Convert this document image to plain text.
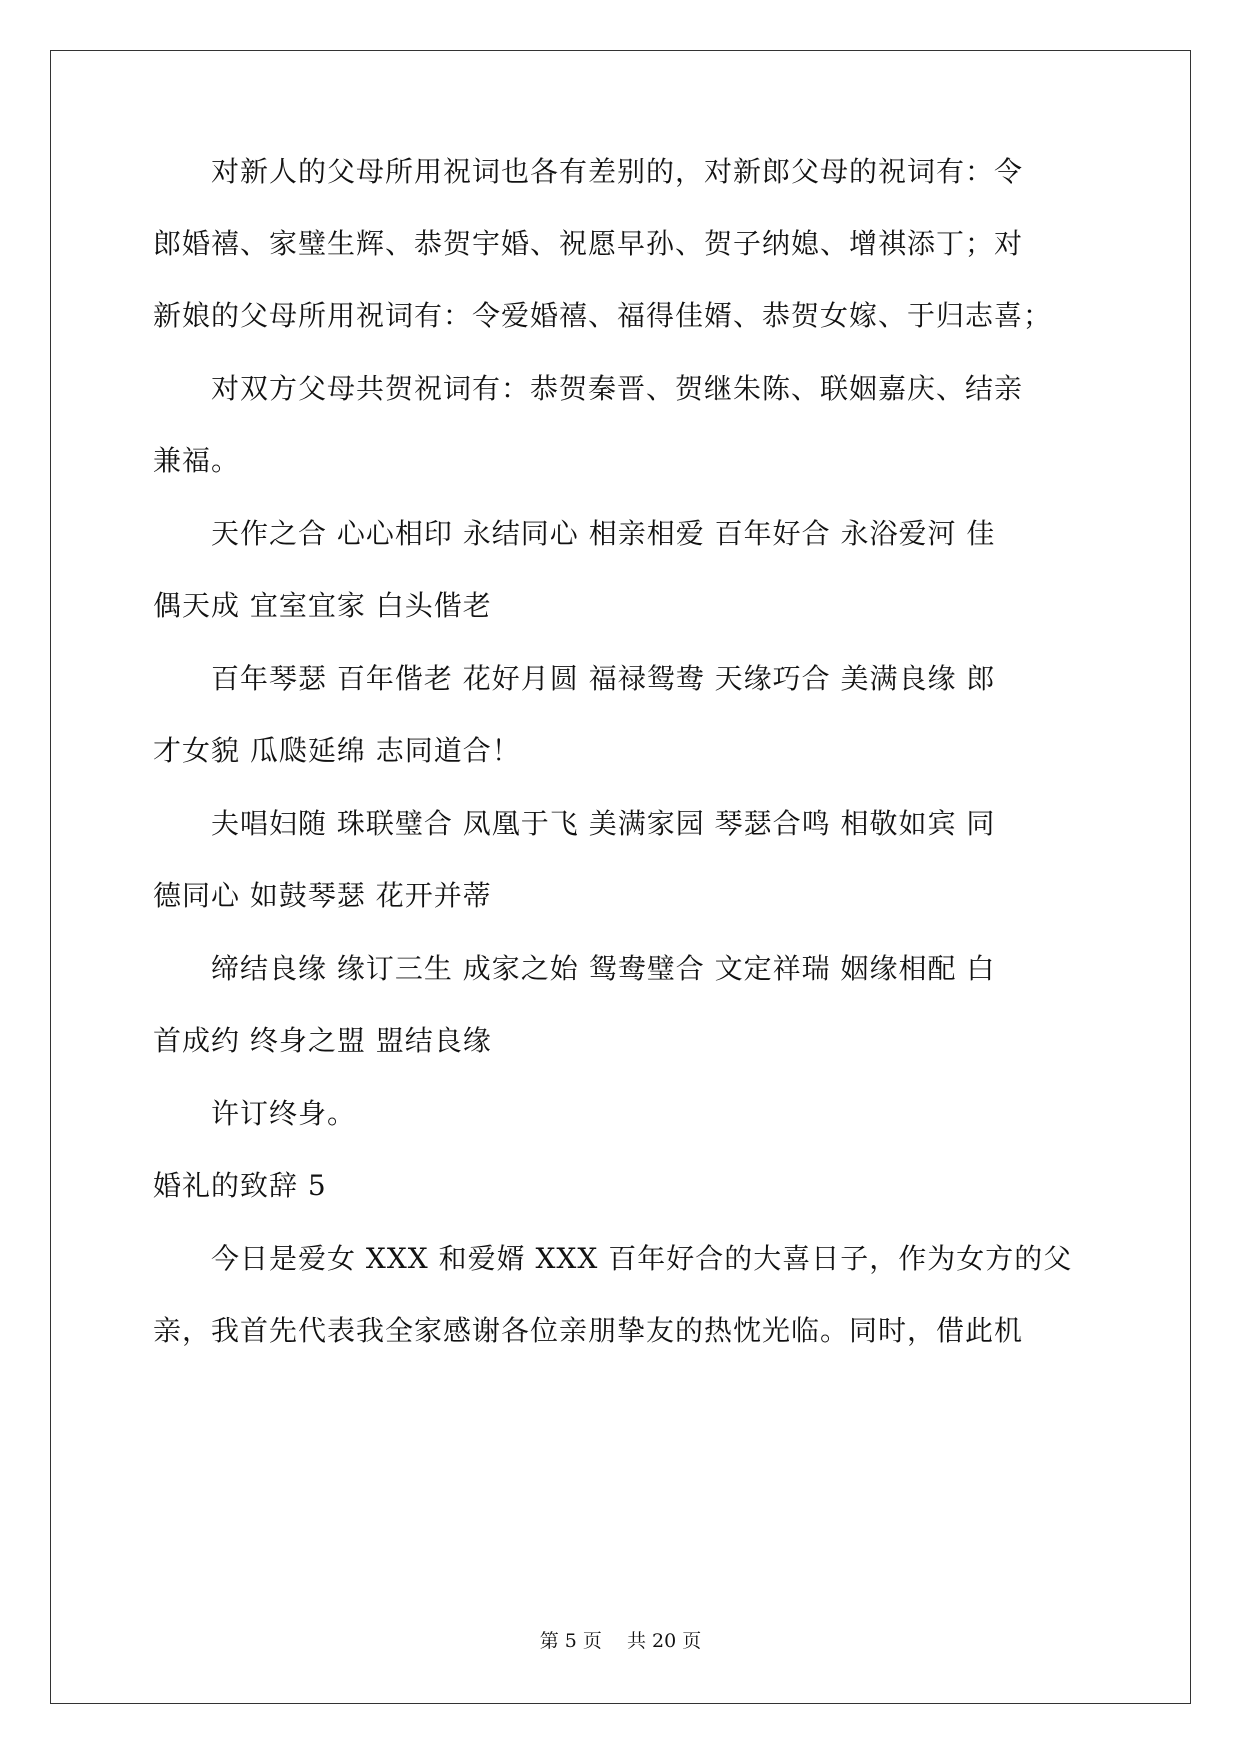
　　对新人的父母所用祝词也各有差别的，对新郎父母的祝词有：令
郎婚禧、家璧生辉、恭贺宇婚、祝愿早孙、贺子纳媳、增祺添丁；对
新娘的父母所用祝词有：令爱婚禧、福得佳婿、恭贺女嫁、于归志喜；
　　对双方父母共贺祝词有：恭贺秦晋、贺继朱陈、联姻嘉庆、结亲
兼福。
　　天作之合 心心相印 永结同心 相亲相爱 百年好合 永浴爱河 佳
偶天成 宜室宜家 白头偕老
　　百年琴瑟 百年偕老 花好月圆 福禄鸳鸯 天缘巧合 美满良缘 郎
才女貌 瓜瓞延绵 志同道合！
　　夫唱妇随 珠联璧合 凤凰于飞 美满家园 琴瑟合鸣 相敬如宾 同
德同心 如鼓琴瑟 花开并蒂
　　缔结良缘 缘订三生 成家之始 鸳鸯璧合 文定祥瑞 姻缘相配 白
首成约 终身之盟 盟结良缘
　　许订终身。
婚礼的致辞 5
　　今日是爱女 XXX 和爱婿 XXX 百年好合的大喜日子，作为女方的父
亲，我首先代表我全家感谢各位亲朋挚友的热忱光临。同时，借此机
第 5 页　 共 20 页
